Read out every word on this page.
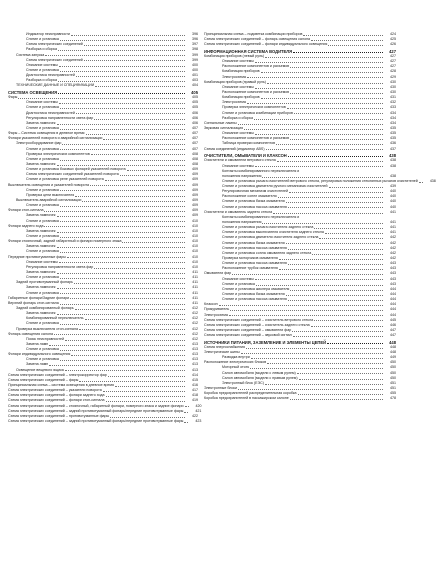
Индикатор неисправности	396
Снятие и установка	396
Схема электрических соединений	397
Разборка и сборка	398
Система запуска	399
Схема электрических соединений	399
Описание системы	400
Снятие и установка	400
Диагностика неисправностей	401
Разборка и сборка	403
ТЕХНИЧЕСКИЕ ДАННЫЕ И СПЕЦИФИКАЦИИ	404
СИСТЕМА ОСВЕЩЕНИЯ	405
Фары	405
Описание системы	405
Снятие и установка	405
Диагностика неисправностей	406
Регулировка направленности света фар	406
Замена лампочек	406
Снятие и установка	407
Фары – Система освещения в дневное время	407
Фонари указателей поворота и аварийной сигнализации	407
Электрооборудование фар	407
Снятие и установка	407
Проверка электрических компонентов	408
Снятие и установка	408
Замена лампочек	408
Снятие и установка боковых фонарей указателей поворота	409
Схема электрических соединений указателей поворота	409
Снятие и установка реле указателей поворота	409
Выключатель освещения и указателей поворота	409
Снятие и установка	409
Проверка цепи выключателя	409
Выключатель аварийной сигнализации	409
Снятие и установка	409
Фонари стоп-сигнала	409
Замена лампочек	409
Снятие и установка	410
Фонари заднего хода	410
Замена лампочек	410
Снятие и установка	410
Фонари стояночный, задний габаритный и фонари номерного знака	410
Замена лампочек	410
Снятие и установка	410
Передние противотуманные фары	410
Описание системы	410
Регулировка направленности света фар	410
Замена лампочек	411
Снятие и установка	411
Задний противотуманный фонарь	411
Замена лампочек	411
Снятие и установка	411
Габаритные фонари/Задние фонари	411
Верхний фонарь стоп-сигнала	411
Задний комбинированный фонарь	412
Замена лампочек	412
Комбинированный переключатель	412
Снятие и установка	412
Проверка выключателя стоп-сигнала	412
Фонарь освещения салона	412
Поиск неисправностей	412
Замена ламп	413
Снятие и установка	413
Фонари индивидуального освещения	413
Снятие и установка	413
Замена ламп	413
Освещение вещевого ящика	413
Схема электрических соединений – электрокорректор фар	414
Схема электрических соединений – фары	415
Принципиальная схема – система освещения в дневное время	416
Схема электрических соединений – указатели поворота	417
Схема электрических соединений – фонари заднего хода	418
Схема электрических соединений – фонари стоп-сигнала	419
Схема электрических соединений – стояночный, габаритный фонари, номерного знака и задние фонари	420
Схема электрических соединений – задний противотуманный фонарь/передние противотуманные фары	421
Схема электрических соединений – противотуманные фары	422
Схема электрических соединений – задний противотуманный фонарь/передние противотуманные фары	423
Принципиальная схема – подсветка комбинации приборов	424
Схема электрических соединений – фонарь освещения салона	425
Схема электрических соединений – фонари индивидуального освещения	426
ИНФОРМАЦИОННАЯ СИСТЕМА ВОДИТЕЛЯ	427
Комбинация приборов (левый руль)	427
Описание системы	427
Расположение компонентов и разъемов	427
Комбинация приборов	428
Электросхема	429
Комбинация приборов (правый руль)	430
Описание системы	430
Расположение компонентов и разъемов	430
Комбинация приборов	431
Электросхема	432
Проверка электрических компонентов	433
Снятие и установка комбинации приборов	434
Разборка и сборка	434
Сигнальные лампы	434
Звуковая сигнализация	435
Описание системы	435
Расположение компонентов и разъемов	435
Таблица проверки компонентов	436
Схема соединений (индикатор ABS)	437
ОЧИСТИТЕЛИ, ОМЫВАТЕЛИ И КЛАКСОН	438
Очистители и омыватели ветрового стекла	438
Описание системы	438
Контакты комбинированного переключателя и
положения напряжения	438
Снятие и установка рычага очистителей ветрового стекла, регулировка положения стеклянных рычагов очистителей	438
Снятие и установка двигателя ручного механизма очистителей	439
Регулировочная механизм очистителей	440
Расположение сопел омывателя	440
Снятие и установка бачка омывателя	440
Снятие и установка насоса омывателя	440
Очистители и омыватель заднего стекла	441
Контакты комбинированного переключателя и
положения напряжения	441
Снятие и установка рычага очистителя заднего стекла	441
Снятие и установка выключателя очистителя заднего стекла	441
Снятие и установка двигателя очистителя заднего стекла	442
Снятие и установка бачка омывателя	442
Снятие и установка насоса омывателя	442
Снятие и установка сопла омывателя заднего стекла	442
Проверка моторчиков омывателя	442
Снятие и установка насоса омывателя	443
Расположение трубок омывателя	443
Омыватели фар	443
Описание системы	443
Снятие и установка	443
Снятие и установка жиклера омывателя	444
Снятие и установка бачка омывателя	444
Снятие и установка насоса омывателя	444
Клаксон	444
Прикуриватель	444
Электросхема	444
Схема электрических соединений – очиститель ветрового стекла	445
Схема электрических соединений – очиститель заднего стекла	446
Схема электрических соединений – омыватели фар	447
Схема электрических соединений – звуковой сигнал	447
ИСТОЧНИКИ ПИТАНИЯ, ЗАЗЕМЛЕНИЕ И ЭЛЕМЕНТЫ ЦЕПЕЙ	448
Схема энергоснабжения	448
Электрические шины	448
Разводка внутри	449
Расположение электрических блоков	450
Моторный отсек	450
Салон автомобиля (модели с левым рулем)	450
Салон автомобиля (модели с правым рулем)	450
Электронный блок (ЕЭС)	451
Электронные блоки	451
Коробка предохранителей распределительная коробка	455
Коробка предохранителей в пассажирском салоне	478
